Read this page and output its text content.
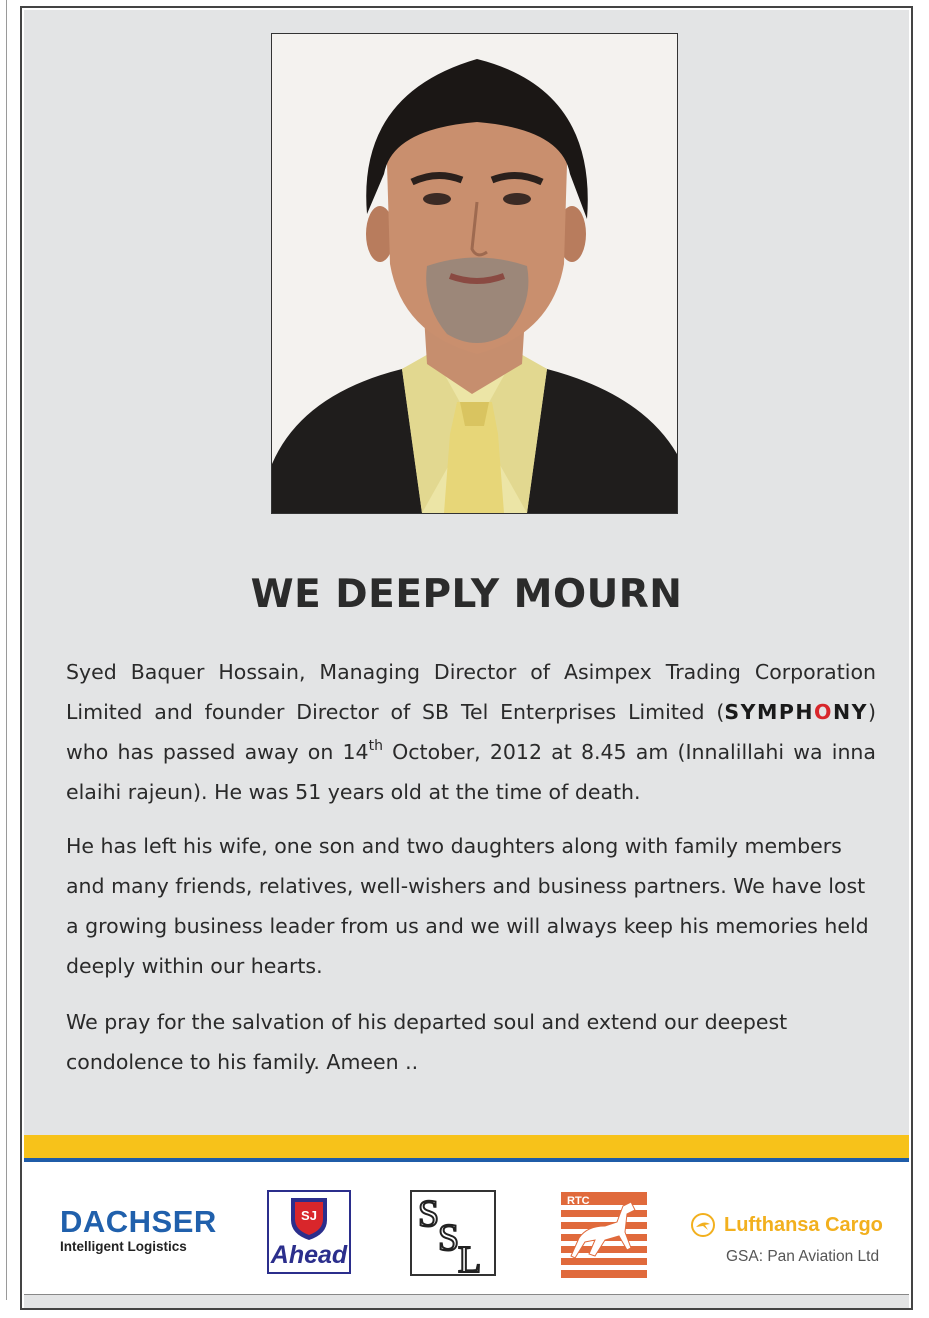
WE DEEPLY MOURN

Syed Baquer Hossain, Managing Director of Asimpex Trading Corporation Limited and founder Director of SB Tel Enterprises Limited (SYMPHONY) who has passed away on 14th October, 2012 at 8.45 am (Innalillahi wa inna elaihi rajeun). He was 51 years old at the time of death.

He has left his wife, one son and two daughters along with family members and many friends, relatives, well-wishers and business partners. We have lost a growing business leader from us and we will always keep his memories held deeply within our hearts.

We pray for the salvation of his departed soul and extend our deepest condolence to his family. Ameen ..

DACHSER
Intelligent Logistics
SJ
Ahead
S
S
L
RTC
Lufthansa Cargo
GSA: Pan Aviation Ltd
